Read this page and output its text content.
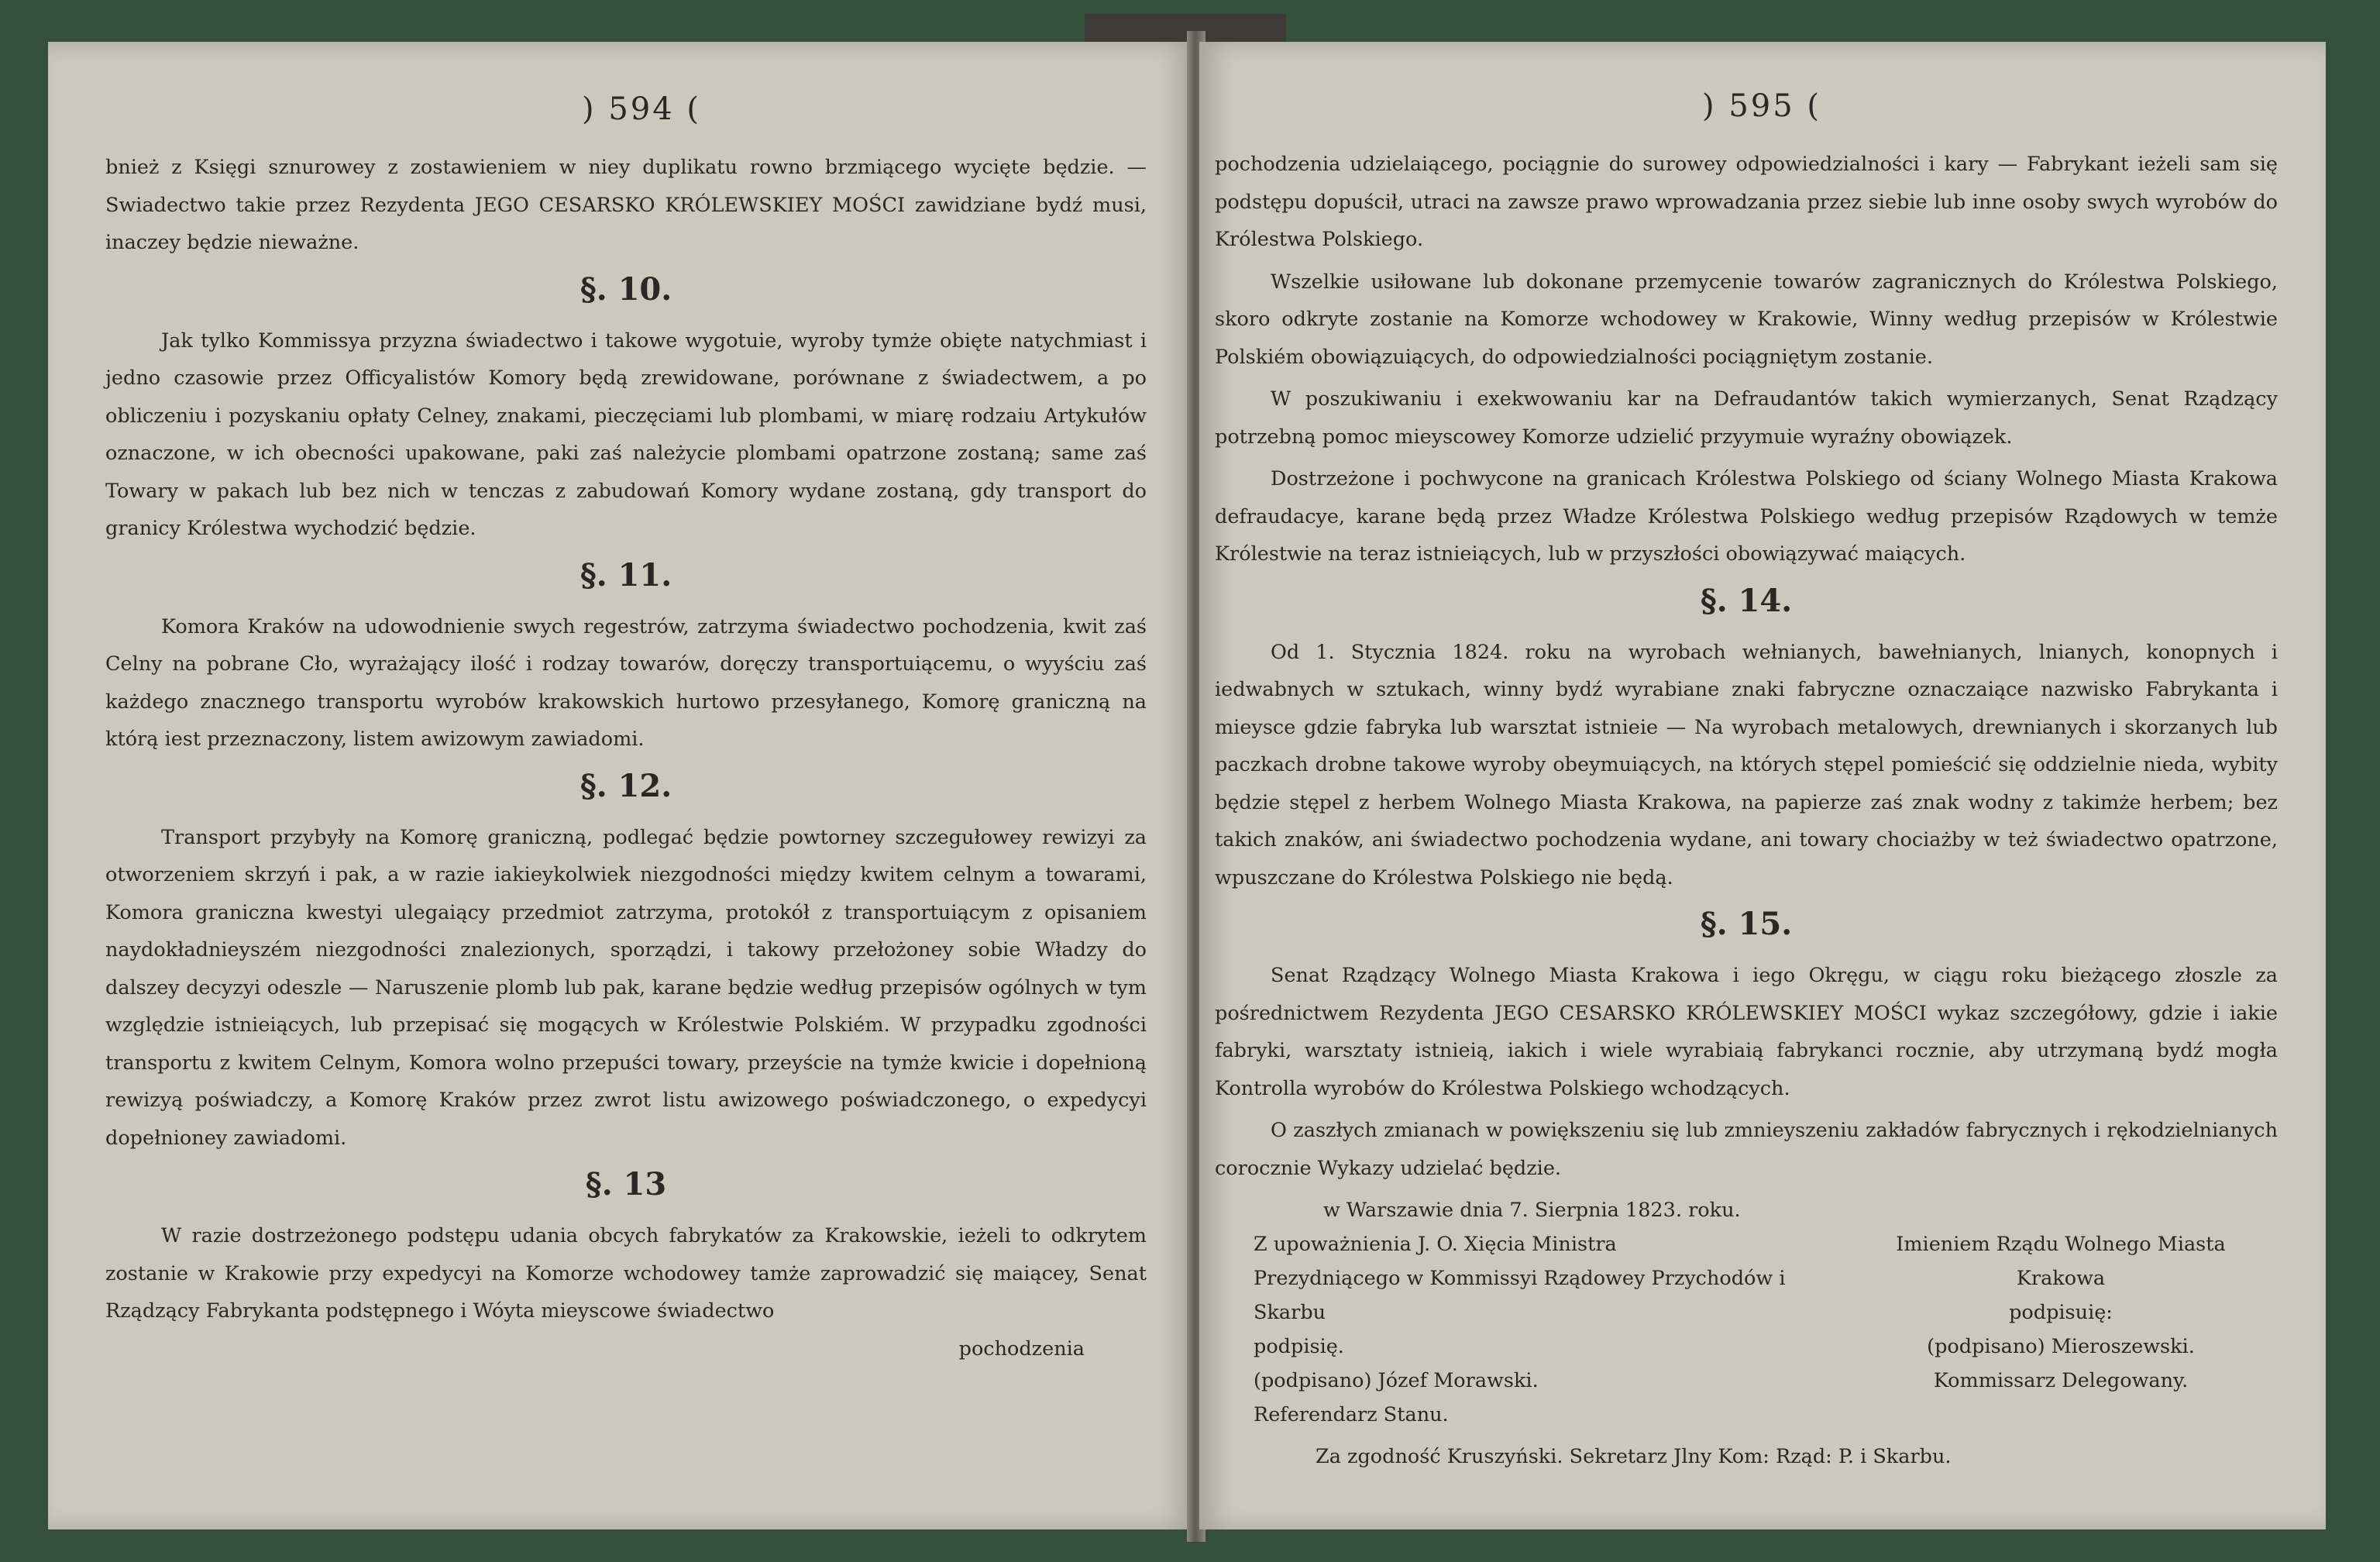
) 594 (

bnież z Księgi sznurowey z zostawieniem w niey duplikatu rowno brzmiącego wycięte będzie. — Swiadectwo takie przez Rezydenta JEGO CESARSKO KRÓLEWSKIEY MOŚCI zawidziane bydź musi, inaczey będzie nieważne.

§. 10.

Jak tylko Kommissya przyzna świadectwo i takowe wygotuie, wyroby tymże obięte natychmiast i jedno czasowie przez Officyalistów Komory będą zrewidowane, porównane z świadectwem, a po obliczeniu i pozyskaniu opłaty Celney, znakami, pieczęciami lub plombami, w miarę rodzaiu Artykułów oznaczone, w ich obecności upakowane, paki zaś należycie plombami opatrzone zostaną; same zaś Towary w pakach lub bez nich w tenczas z zabudowań Komory wydane zostaną, gdy transport do granicy Królestwa wychodzić będzie.

§. 11.

Komora Kraków na udowodnienie swych regestrów, zatrzyma świadectwo pochodzenia, kwit zaś Celny na pobrane Cło, wyrażający ilość i rodzay towarów, doręczy transportuiącemu, o wyyściu zaś każdego znacznego transportu wyrobów krakowskich hurtowo przesyłanego, Komorę graniczną na którą iest przeznaczony, listem awizowym zawiadomi.

§. 12.

Transport przybyły na Komorę graniczną, podlegać będzie powtorney szczegułowey rewizyi za otworzeniem skrzyń i pak, a w razie iakieykolwiek niezgodności między kwitem celnym a towarami, Komora graniczna kwestyi ulegaiący przedmiot zatrzyma, protokół z transportuiącym z opisaniem naydokładnieyszém niezgodności znalezionych, sporządzi, i takowy przełożoney sobie Władzy do dalszey decyzyi odeszle — Naruszenie plomb lub pak, karane będzie według przepisów ogólnych w tym względzie istnieiących, lub przepisać się mogących w Królestwie Polskiém. W przypadku zgodności transportu z kwitem Celnym, Komora wolno przepuści towary, przeyście na tymże kwicie i dopełnioną rewizyą poświadczy, a Komorę Kraków przez zwrot listu awizowego poświadczonego, o expedycyi dopełnioney zawiadomi.

§. 13

W razie dostrzeżonego podstępu udania obcych fabrykatów za Krakowskie, ieżeli to odkrytem zostanie w Krakowie przy expedycyi na Komorze wchodowey tamże zaprowadzić się maiącey, Senat Rządzący Fabrykanta podstępnego i Wóyta mieyscowe świadectwo

pochodzenia
) 595 (

pochodzenia udzielaiącego, pociągnie do surowey odpowiedzialności i kary — Fabrykant ieżeli sam się podstępu dopuścił, utraci na zawsze prawo wprowadzania przez siebie lub inne osoby swych wyrobów do Królestwa Polskiego.

Wszelkie usiłowane lub dokonane przemycenie towarów zagranicznych do Królestwa Polskiego, skoro odkryte zostanie na Komorze wchodowey w Krakowie, Winny według przepisów w Królestwie Polskiém obowiązuiących, do odpowiedzialności pociągniętym zostanie.

W poszukiwaniu i exekwowaniu kar na Defraudantów takich wymierzanych, Senat Rządzący potrzebną pomoc mieyscowey Komorze udzielić przyymuie wyraźny obowiązek.

Dostrzeżone i pochwycone na granicach Królestwa Polskiego od ściany Wolnego Miasta Krakowa defraudacye, karane będą przez Władze Królestwa Polskiego według przepisów Rządowych w temże Królestwie na teraz istnieiących, lub w przyszłości obowiązywać maiących.

§. 14.

Od 1. Stycznia 1824. roku na wyrobach wełnianych, bawełnianych, lnianych, konopnych i iedwabnych w sztukach, winny bydź wyrabiane znaki fabryczne oznaczaiące nazwisko Fabrykanta i mieysce gdzie fabryka lub warsztat istnieie — Na wyrobach metalowych, drewnianych i skorzanych lub paczkach drobne takowe wyroby obeymuiących, na których stępel pomieścić się oddzielnie nieda, wybity będzie stępel z herbem Wolnego Miasta Krakowa, na papierze zaś znak wodny z takimże herbem; bez takich znaków, ani świadectwo pochodzenia wydane, ani towary chociażby w też świadectwo opatrzone, wpuszczane do Królestwa Polskiego nie będą.

§. 15.

Senat Rządzący Wolnego Miasta Krakowa i iego Okręgu, w ciągu roku bieżącego złoszle za pośrednictwem Rezydenta JEGO CESARSKO KRÓLEWSKIEY MOŚCI wykaz szczegółowy, gdzie i iakie fabryki, warsztaty istnieią, iakich i wiele wyrabiaią fabrykanci rocznie, aby utrzymaną bydź mogła Kontrolla wyrobów do Królestwa Polskiego wchodzących.

O zaszłych zmianach w powiększeniu się lub zmnieyszeniu zakładów fabrycznych i rękodzielnianych corocznie Wykazy udzielać będzie.

w Warszawie dnia 7. Sierpnia 1823. roku.
Z upoważnienia J. O. Xięcia Ministra
Prezydniącego w Kommissyi Rządowey Przychodów i Skarbu
podpisię.
(podpisano) Józef Morawski.
Referendarz Stanu.
Imieniem Rządu Wolnego Miasta
Krakowa
podpisuię:
(podpisano) Mieroszewski.
Kommissarz Delegowany.
Za zgodność Kruszyński. Sekretarz Jlny Kom: Rząd: P. i Skarbu.
